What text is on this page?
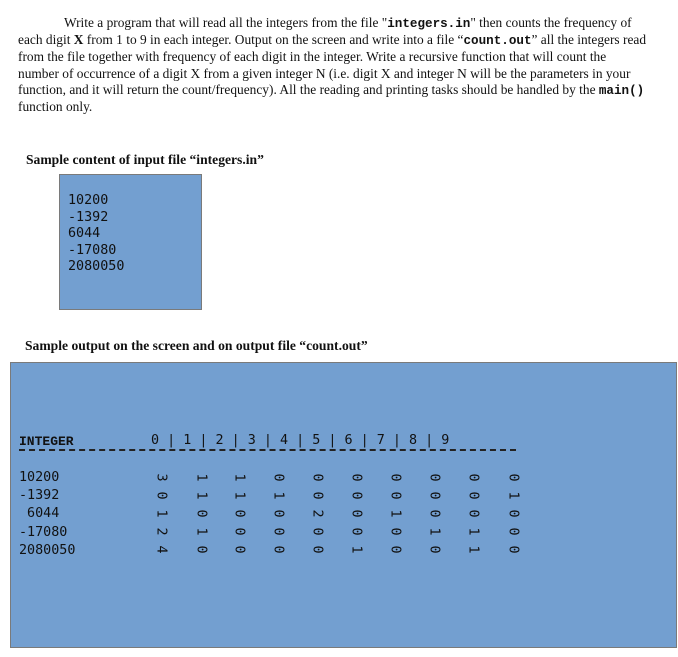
Write a program that will read all the integers from the file "integers.in" then counts the frequency of each digit X from 1 to 9 in each integer. Output on the screen and write into a file “count.out” all the integers read from the file together with frequency of each digit in the integer. Write a recursive function that will count the number of occurrence of a digit X from a given integer N (i.e. digit X and integer N will be the parameters in your function, and it will return the count/frequency). All the reading and printing tasks should be handled by the main() function only.
Sample content of input file “integers.in”
10200
-1392
6044
-17080
2080050
Sample output on the screen and on output file “count.out”
INTEGER	0 | 1 | 2 | 3 | 4 | 5 | 6 | 7 | 8 | 9
10200
-1392
6044
-17080
2080050
3 1 1 0 0 0 0 0 0 0
0 1 1 1 0 0 0 0 0 1
1 0 0 0 2 0 1 0 0 0
2 1 0 0 0 0 0 1 1 0
4 0 0 0 0 1 0 0 1 0
